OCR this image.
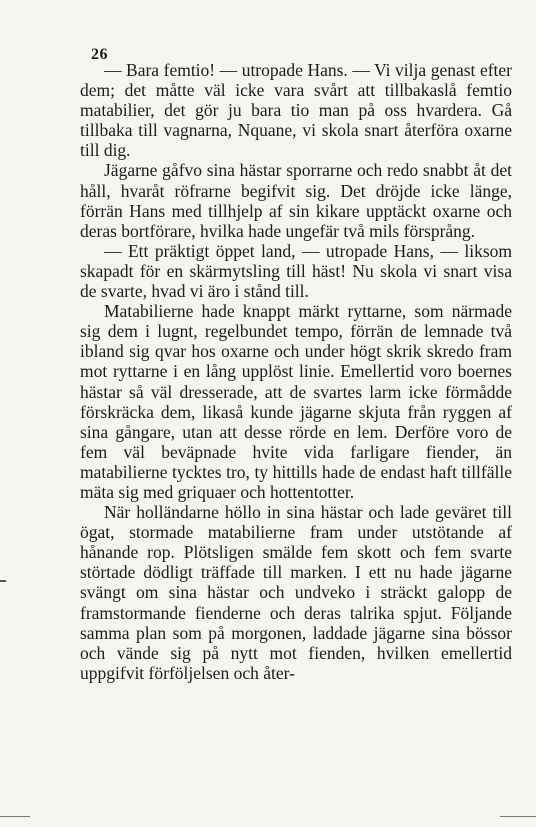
26

— Bara femtio! — utropade Hans. — Vi vilja genast efter dem; det måtte väl icke vara svårt att tillbakaslå femtio matabilier, det gör ju bara tio man på oss hvardera. Gå tillbaka till vagnarna, Nquane, vi skola snart återföra oxarne till dig.

Jägarne gåfvo sina hästar sporrarne och redo snabbt åt det håll, hvaråt röfrarne begifvit sig. Det dröjde icke länge, förrän Hans med tillhjelp af sin kikare upptäckt oxarne och deras bortförare, hvilka hade ungefär två mils försprång.

— Ett präktigt öppet land, — utropade Hans, — liksom skapadt för en skärmytsling till häst! Nu skola vi snart visa de svarte, hvad vi äro i stånd till.

Matabilierne hade knappt märkt ryttarne, som närmade sig dem i lugnt, regelbundet tempo, förrän de lemnade två ibland sig qvar hos oxarne och under högt skrik skredo fram mot ryttarne i en lång upplöst linie. Emellertid voro boernes hästar så väl dresserade, att de svartes larm icke förmådde förskräcka dem, likaså kunde jägarne skjuta från ryggen af sina gångare, utan att desse rörde en lem. Derföre voro de fem väl beväpnade hvite vida farligare fiender, än matabilierne tycktes tro, ty hittills hade de endast haft tillfälle mäta sig med griquaer och hottentotter.

När holländarne höllo in sina hästar och lade geväret till ögat, stormade matabilierne fram under utstötande af hånande rop. Plötsligen smälde fem skott och fem svarte störtade dödligt träffade till marken. I ett nu hade jägarne svängt om sina hästar och undveko i sträckt galopp de framstormande fienderne och deras talrika spjut. Följande samma plan som på morgonen, laddade jägarne sina bössor och vände sig på nytt mot fienden, hvilken emellertid uppgifvit förföljelsen och åter-
